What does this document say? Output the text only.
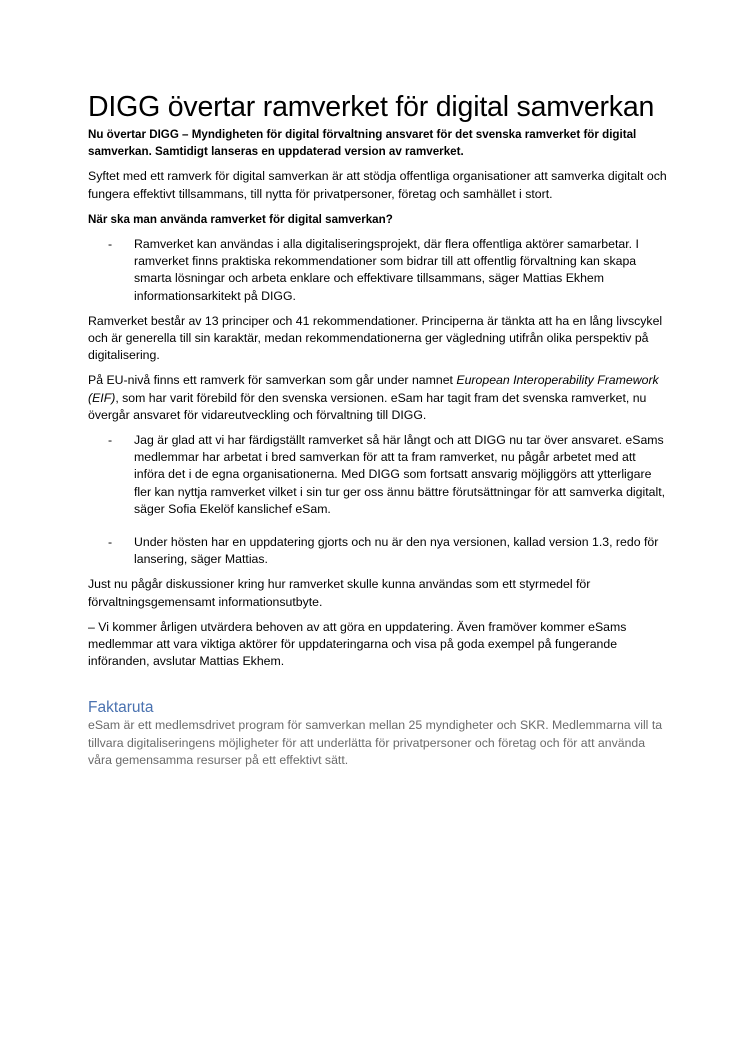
DIGG övertar ramverket för digital samverkan

Nu övertar DIGG – Myndigheten för digital förvaltning ansvaret för det svenska ramverket för digital samverkan. Samtidigt lanseras en uppdaterad version av ramverket.

Syftet med ett ramverk för digital samverkan är att stödja offentliga organisationer att samverka digitalt och fungera effektivt tillsammans, till nytta för privatpersoner, företag och samhället i stort.

När ska man använda ramverket för digital samverkan?

-	Ramverket kan användas i alla digitaliseringsprojekt, där flera offentliga aktörer samarbetar. I ramverket finns praktiska rekommendationer som bidrar till att offentlig förvaltning kan skapa smarta lösningar och arbeta enklare och effektivare tillsammans, säger Mattias Ekhem informationsarkitekt på DIGG.

Ramverket består av 13 principer och 41 rekommendationer. Principerna är tänkta att ha en lång livscykel och är generella till sin karaktär, medan rekommendationerna ger vägledning utifrån olika perspektiv på digitalisering.

På EU-nivå finns ett ramverk för samverkan som går under namnet European Interoperability Framework (EIF), som har varit förebild för den svenska versionen. eSam har tagit fram det svenska ramverket, nu övergår ansvaret för vidareutveckling och förvaltning till DIGG.

-	Jag är glad att vi har färdigställt ramverket så här långt och att DIGG nu tar över ansvaret. eSams medlemmar har arbetat i bred samverkan för att ta fram ramverket, nu pågår arbetet med att införa det i de egna organisationerna. Med DIGG som fortsatt ansvarig möjliggörs att ytterligare fler kan nyttja ramverket vilket i sin tur ger oss ännu bättre förutsättningar för att samverka digitalt, säger Sofia Ekelöf kanslichef eSam.
-	Under hösten har en uppdatering gjorts och nu är den nya versionen, kallad version 1.3, redo för lansering, säger Mattias.

Just nu pågår diskussioner kring hur ramverket skulle kunna användas som ett styrmedel för förvaltningsgemensamt informationsutbyte.

– Vi kommer årligen utvärdera behoven av att göra en uppdatering. Även framöver kommer eSams medlemmar att vara viktiga aktörer för uppdateringarna och visa på goda exempel på fungerande införanden, avslutar Mattias Ekhem.

Faktaruta

eSam är ett medlemsdrivet program för samverkan mellan 25 myndigheter och SKR. Medlemmarna vill ta tillvara digitaliseringens möjligheter för att underlätta för privatpersoner och företag och för att använda våra gemensamma resurser på ett effektivt sätt.
